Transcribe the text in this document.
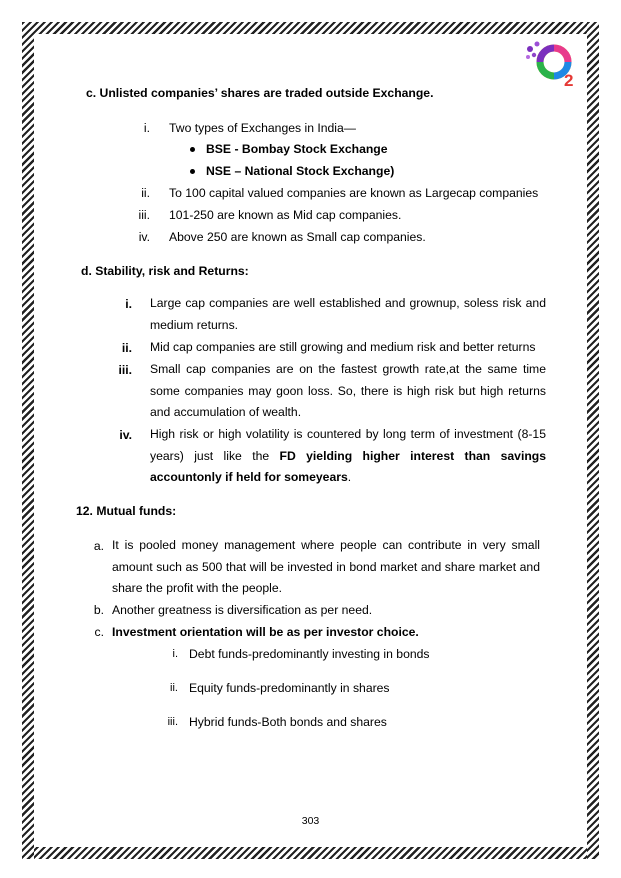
2
c. Unlisted companies’ shares are traded outside Exchange.
i. Two types of Exchanges in India—
BSE - Bombay Stock Exchange
NSE – National Stock Exchange)
ii. To 100 capital valued companies are known as Largecap companies
iii. 101-250 are known as Mid cap companies.
iv. Above 250 are known as Small cap companies.
d. Stability, risk and Returns:
i. Large cap companies are well established and grownup, soless risk and medium returns.
ii. Mid cap companies are still growing and medium risk and better returns
iii. Small cap companies are on the fastest growth rate,at the same time some companies may goon loss. So, there is high risk but high returns and accumulation of wealth.
iv. High risk or high volatility is countered by long term of investment (8-15 years) just like the FD yielding higher interest than savings accountonly if held for someyears.
12. Mutual funds:
a. It is pooled money management where people can contribute in very small amount such as 500 that will be invested in bond market and share market and share the profit with the people.
b. Another greatness is diversification as per need.
c. Investment orientation will be as per investor choice.
i. Debt funds-predominantly investing in bonds
ii. Equity funds-predominantly in shares
iii. Hybrid funds-Both bonds and shares
303
